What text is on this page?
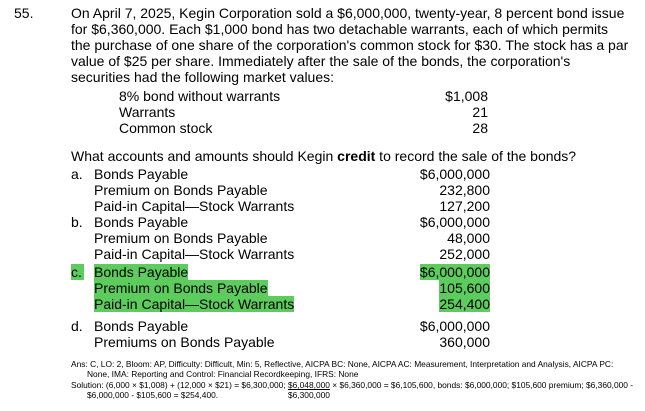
55.	On April 7, 2025, Kegin Corporation sold a $6,000,000, twenty-year, 8 percent bond issue
for $6,360,000. Each $1,000 bond has two detachable warrants, each of which permits
the purchase of one share of the corporation's common stock for $30. The stock has a par
value of $25 per share. Immediately after the sale of the bonds, the corporation's
securities had the following market values:
8% bond without warrants	$1,008
Warrants	21
Common stock	28
What accounts and amounts should Kegin credit to record the sale of the bonds?
a. Bonds Payable	$6,000,000
Premium on Bonds Payable	232,800
Paid-in Capital—Stock Warrants	127,200
b. Bonds Payable	$6,000,000
Premium on Bonds Payable	48,000
Paid-in Capital—Stock Warrants	252,000
c. Bonds Payable	$6,000,000
Premium on Bonds Payable	105,600
Paid-in Capital—Stock Warrants	254,400
d. Bonds Payable	$6,000,000
Premiums on Bonds Payable	360,000
Ans: C, LO: 2, Bloom: AP, Difficulty: Difficult, Min: 5, Reflective, AICPA BC: None, AICPA AC: Measurement, Interpretation and Analysis, AICPA PC:
None, IMA: Reporting and Control: Financial Recordkeeping, IFRS: None
Solution: (6,000 × $1,008) + (12,000 × $21) = $6,300,000; $\frac{\$6,048,000}{\$6,300,000}$ × $6,360,000 = $6,105,600, bonds: $6,000,000; $105,600 premium; $6,360,000 -
$6,000,000 - $105,600 = $254,400.
